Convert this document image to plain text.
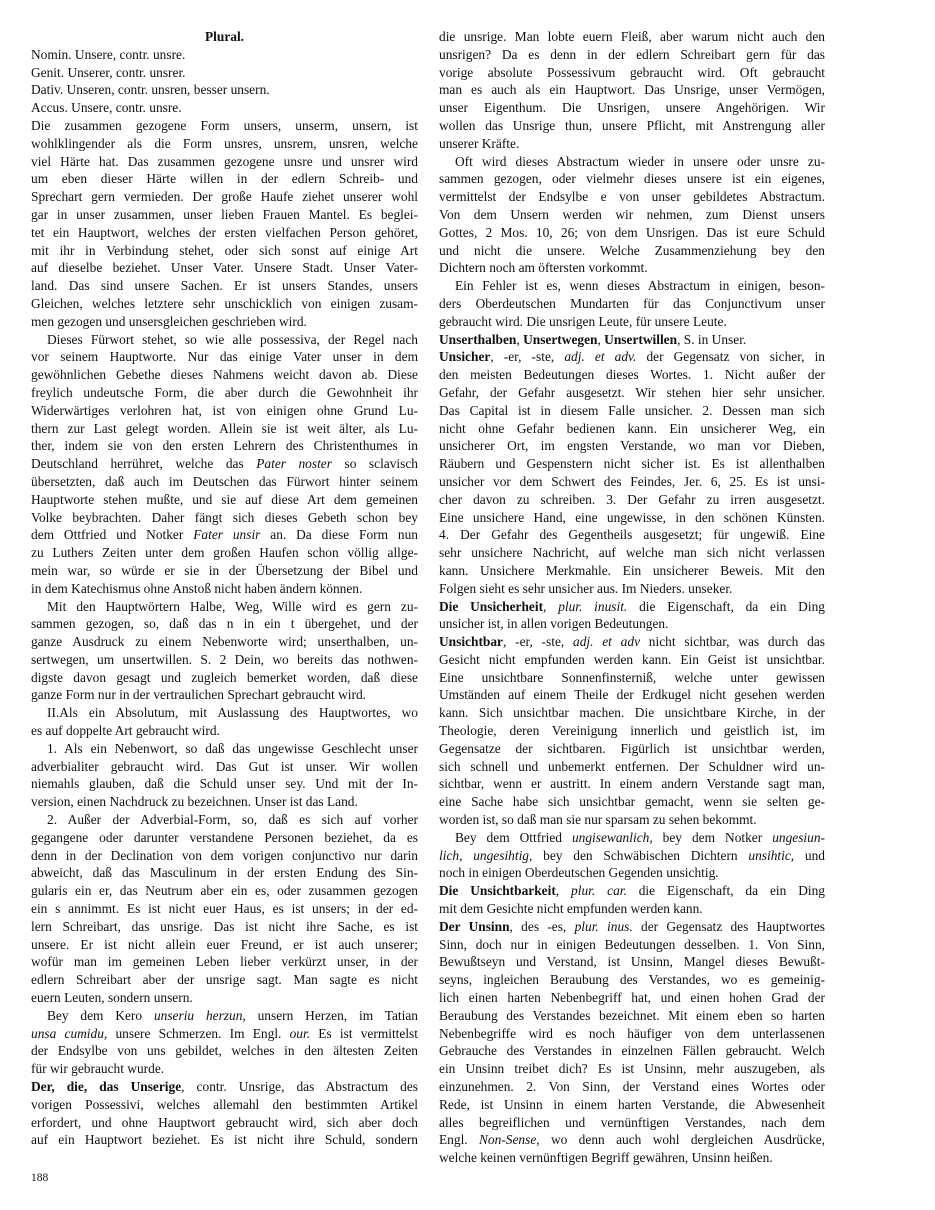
Plural.
Nomin. Unsere, contr. unsre.
Genit. Unserer, contr. unsrer.
Dativ. Unseren, contr. unsren, besser unsern.
Accus. Unsere, contr. unsre.
Die zusammen gezogene Form unsers, unserm, unsern, ist
wohlklingender als die Form unsres, unsrem, unsren, welche
viel Härte hat. Das zusammen gezogene unsre und unsrer wird
um eben dieser Härte willen in der edlern Schreib- und
Sprechart gern vermieden. Der große Haufe ziehet unserer wohl
gar in unser zusammen, unser lieben Frauen Mantel. Es beglei-
tet ein Hauptwort, welches der ersten vielfachen Person gehöret,
mit ihr in Verbindung stehet, oder sich sonst auf einige Art
auf dieselbe beziehet. Unser Vater. Unsere Stadt. Unser Vater-
land. Das sind unsere Sachen. Er ist unsers Standes, unsers
Gleichen, welches letztere sehr unschicklich von einigen zusam-
men gezogen und unsersgleichen geschrieben wird.
Dieses Fürwort stehet, so wie alle possessiva, der Regel nach
vor seinem Hauptworte. Nur das einige Vater unser in dem
gewöhnlichen Gebethe dieses Nahmens weicht davon ab. Diese
freylich undeutsche Form, die aber durch die Gewohnheit ihr
Widerwärtiges verlohren hat, ist von einigen ohne Grund Lu-
thern zur Last gelegt worden. Allein sie ist weit älter, als Lu-
ther, indem sie von den ersten Lehrern des Christenthumes in
Deutschland herrühret, welche das Pater noster so sclavisch
übersetzten, daß auch im Deutschen das Fürwort hinter seinem
Hauptworte stehen mußte, und sie auf diese Art dem gemeinen
Volke beybrachten. Daher fängt sich dieses Gebeth schon bey
dem Ottfried und Notker Fater unsir an. Da diese Form nun
zu Luthers Zeiten unter dem großen Haufen schon völlig allge-
mein war, so würde er sie in der Übersetzung der Bibel und
in dem Katechismus ohne Anstoß nicht haben ändern können.
Mit den Hauptwörtern Halbe, Weg, Wille wird es gern zu-
sammen gezogen, so, daß das n in ein t übergehet, und der
ganze Ausdruck zu einem Nebenworte wird; unserthalben, un-
sertwegen, um unsertwillen. S. 2 Dein, wo bereits das nothwen-
digste davon gesagt und zugleich bemerket worden, daß diese
ganze Form nur in der vertraulichen Sprechart gebraucht wird.
II.Als ein Absolutum, mit Auslassung des Hauptwortes, wo
es auf doppelte Art gebraucht wird.
1. Als ein Nebenwort, so daß das ungewisse Geschlecht unser
adverbialiter gebraucht wird. Das Gut ist unser. Wir wollen
niemahls glauben, daß die Schuld unser sey. Und mit der In-
version, einen Nachdruck zu bezeichnen. Unser ist das Land.
2. Außer der Adverbial-Form, so, daß es sich auf vorher
gegangene oder darunter verstandene Personen beziehet, da es
denn in der Declination von dem vorigen conjunctivo nur darin
abweicht, daß das Masculinum in der ersten Endung des Sin-
gularis ein er, das Neutrum aber ein es, oder zusammen gezogen
ein s annimmt. Es ist nicht euer Haus, es ist unsers; in der ed-
lern Schreibart, das unsrige. Das ist nicht ihre Sache, es ist
unsere. Er ist nicht allein euer Freund, er ist auch unserer;
wofür man im gemeinen Leben lieber verkürzt unser, in der
edlern Schreibart aber der unsrige sagt. Man sagte es nicht
euern Leuten, sondern unsern.
Bey dem Kero unseriu herzun, unsern Herzen, im Tatian
unsa cumidu, unsere Schmerzen. Im Engl. our. Es ist vermittelst
der Endsylbe von uns gebildet, welches in den ältesten Zeiten
für wir gebraucht wurde.
Der, die, das Unserige, contr. Unsrige, das Abstractum des
vorigen Possessivi, welches allemahl den bestimmten Artikel
erfordert, und ohne Hauptwort gebraucht wird, sich aber doch
auf ein Hauptwort beziehet. Es ist nicht ihre Schuld, sondern
die unsrige. Man lobte euern Fleiß, aber warum nicht auch den
unsrigen? Da es denn in der edlern Schreibart gern für das
vorige absolute Possessivum gebraucht wird. Oft gebraucht
man es auch als ein Hauptwort. Das Unsrige, unser Vermögen,
unser Eigenthum. Die Unsrigen, unsere Angehörigen. Wir
wollen das Unsrige thun, unsere Pflicht, mit Anstrengung aller
unserer Kräfte.
Oft wird dieses Abstractum wieder in unsere oder unsre zu-
sammen gezogen, oder vielmehr dieses unsere ist ein eigenes,
vermittelst der Endsylbe e von unser gebildetes Abstractum.
Von dem Unsern werden wir nehmen, zum Dienst unsers
Gottes, 2 Mos. 10, 26; von dem Unsrigen. Das ist eure Schuld
und nicht die unsere. Welche Zusammenziehung bey den
Dichtern noch am öftersten vorkommt.
Ein Fehler ist es, wenn dieses Abstractum in einigen, beson-
ders Oberdeutschen Mundarten für das Conjunctivum unser
gebraucht wird. Die unsrigen Leute, für unsere Leute.
Unserthalben, Unsertwegen, Unsertwillen, S. in Unser.
Unsicher, -er, -ste, adj. et adv. der Gegensatz von sicher, in
den meisten Bedeutungen dieses Wortes. 1. Nicht außer der
Gefahr, der Gefahr ausgesetzt. Wir stehen hier sehr unsicher.
Das Capital ist in diesem Falle unsicher. 2. Dessen man sich
nicht ohne Gefahr bedienen kann. Ein unsicherer Weg, ein
unsicherer Ort, im engsten Verstande, wo man vor Dieben,
Räubern und Gespenstern nicht sicher ist. Es ist allenthalben
unsicher vor dem Schwert des Feindes, Jer. 6, 25. Es ist unsi-
cher davon zu schreiben. 3. Der Gefahr zu irren ausgesetzt.
Eine unsichere Hand, eine ungewisse, in den schönen Künsten.
4. Der Gefahr des Gegentheils ausgesetzt; für ungewiß. Eine
sehr unsichere Nachricht, auf welche man sich nicht verlassen
kann. Unsichere Merkmahle. Ein unsicherer Beweis. Mit den
Folgen sieht es sehr unsicher aus. Im Nieders. unseker.
Die Unsicherheit, plur. inusit. die Eigenschaft, da ein Ding
unsicher ist, in allen vorigen Bedeutungen.
Unsichtbar, -er, -ste, adj. et adv nicht sichtbar, was durch das
Gesicht nicht empfunden werden kann. Ein Geist ist unsichtbar.
Eine unsichtbare Sonnenfinsterniß, welche unter gewissen
Umständen auf einem Theile der Erdkugel nicht gesehen werden
kann. Sich unsichtbar machen. Die unsichtbare Kirche, in der
Theologie, deren Vereinigung innerlich und geistlich ist, im
Gegensatze der sichtbaren. Figürlich ist unsichtbar werden,
sich schnell und unbemerkt entfernen. Der Schuldner wird un-
sichtbar, wenn er austritt. In einem andern Verstande sagt man,
eine Sache habe sich unsichtbar gemacht, wenn sie selten ge-
worden ist, so daß man sie nur sparsam zu sehen bekommt.
Bey dem Ottfried ungisewanlich, bey dem Notker ungesiun-
lich, ungesihtig, bey den Schwäbischen Dichtern unsihtic, und
noch in einigen Oberdeutschen Gegenden unsichtig.
Die Unsichtbarkeit, plur. car. die Eigenschaft, da ein Ding
mit dem Gesichte nicht empfunden werden kann.
Der Unsinn, des -es, plur. inus. der Gegensatz des Hauptwortes
Sinn, doch nur in einigen Bedeutungen desselben. 1. Von Sinn,
Bewußtseyn und Verstand, ist Unsinn, Mangel dieses Bewußt-
seyns, ingleichen Beraubung des Verstandes, wo es gemeinig-
lich einen harten Nebenbegriff hat, und einen hohen Grad der
Beraubung des Verstandes bezeichnet. Mit einem eben so harten
Nebenbegriffe wird es noch häufiger von dem unterlassenen
Gebrauche des Verstandes in einzelnen Fällen gebraucht. Welch
ein Unsinn treibet dich? Es ist Unsinn, mehr auszugeben, als
einzunehmen. 2. Von Sinn, der Verstand eines Wortes oder
Rede, ist Unsinn in einem harten Verstande, die Abwesenheit
alles begreiflichen und vernünftigen Verstandes, nach dem
Engl. Non-Sense, wo denn auch wohl dergleichen Ausdrücke,
welche keinen vernünftigen Begriff gewähren, Unsinn heißen.
188
